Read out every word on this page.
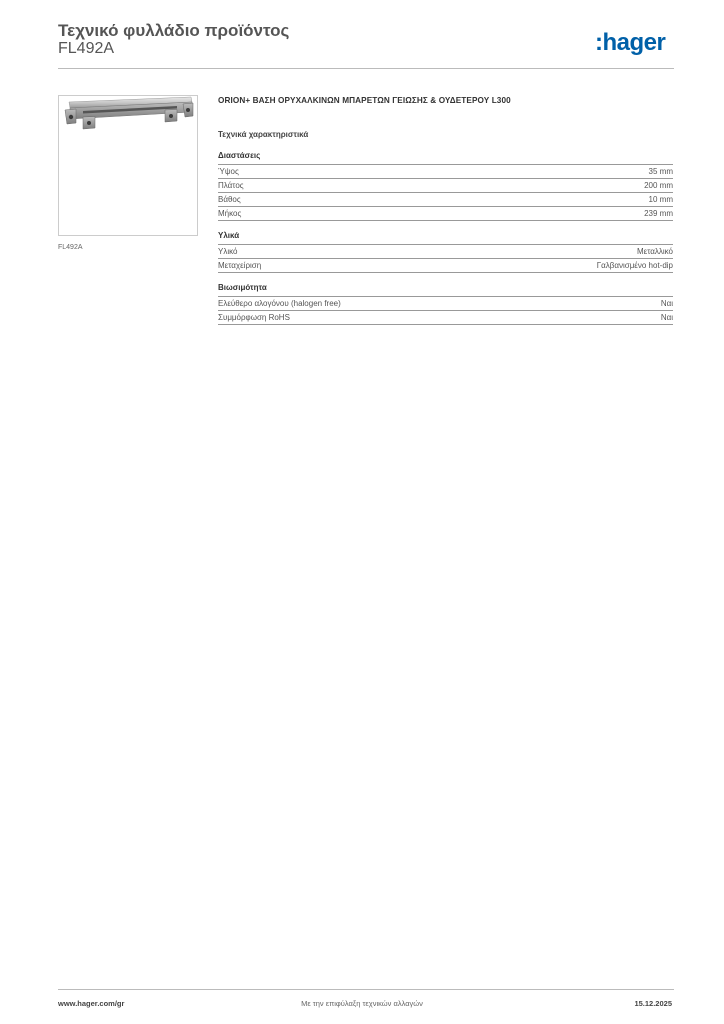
Τεχνικό φυλλάδιο προϊόντος
FL492A	:hager
FL492A
ORION+ ΒΑΣΗ ΟΡΥΧΑΛΚΙΝΩΝ ΜΠΑΡΕΤΩΝ ΓΕΙΩΣΗΣ & ΟΥΔΕΤΕΡΟΥ L300
Τεχνικά χαρακτηριστικά
Διαστάσεις
Ύψος	35 mm
Πλάτος	200 mm
Βάθος	10 mm
Μήκος	239 mm
Υλικά
Υλικό	Μεταλλικό
Μεταχείριση	Γαλβανισμένο hot-dip
Βιωσιμότητα
Ελεύθερο αλογόνου (halogen free)	Ναι
Συμμόρφωση RoHS	Ναι
Με την επιφύλαξη τεχνικών αλλαγών
www.hager.com/gr	15.12.2025
